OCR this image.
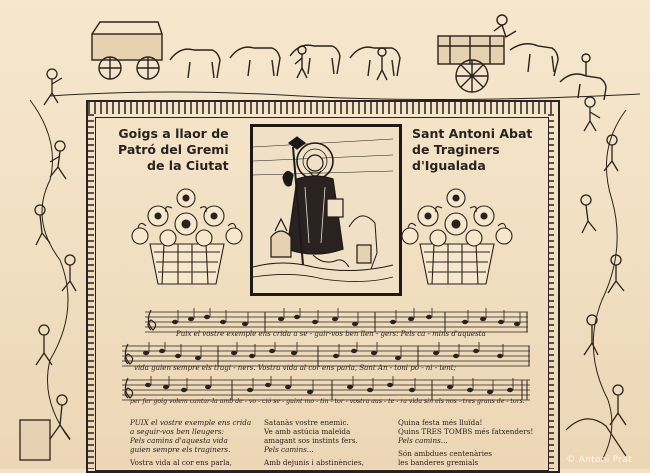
Goigs a llaor de
Patró del Gremi
de la Ciutat
Sant Antoni Abat
de Traginers
d'Igualada
Puix el vostre exemple ens crida a se - guir-vos ben llen - gers: Pels ca - mins d'aquesta
vida guien sempre els tragi - ners. Vostra vida al cor ens parla, Sant An - toni po - ni - tent;
per fer goig volem cantar-la amb de - vo - ció se - guint mo - tin - tor - vostra aus - te - ra vida sin els nos - tres grans de - tors.
PUIX el vostre exemple ens crida
a seguir-vos ben lleugers:
Pels camins d'aquesta vida
guien sempre els traginers.
Vostra vida al cor ens parla,
Satanàs vostre enemic.
Ve amb astúcia maleïda
amagant sos instints fers.
Pels camins...
Amb dejunis i abstinències,
Quina festa més lluïda!
Quins TRES TOMBS més fatxenders!
Pels camins...
Són ambdues centenàries
les banderes gremials	© Antoni Prat
